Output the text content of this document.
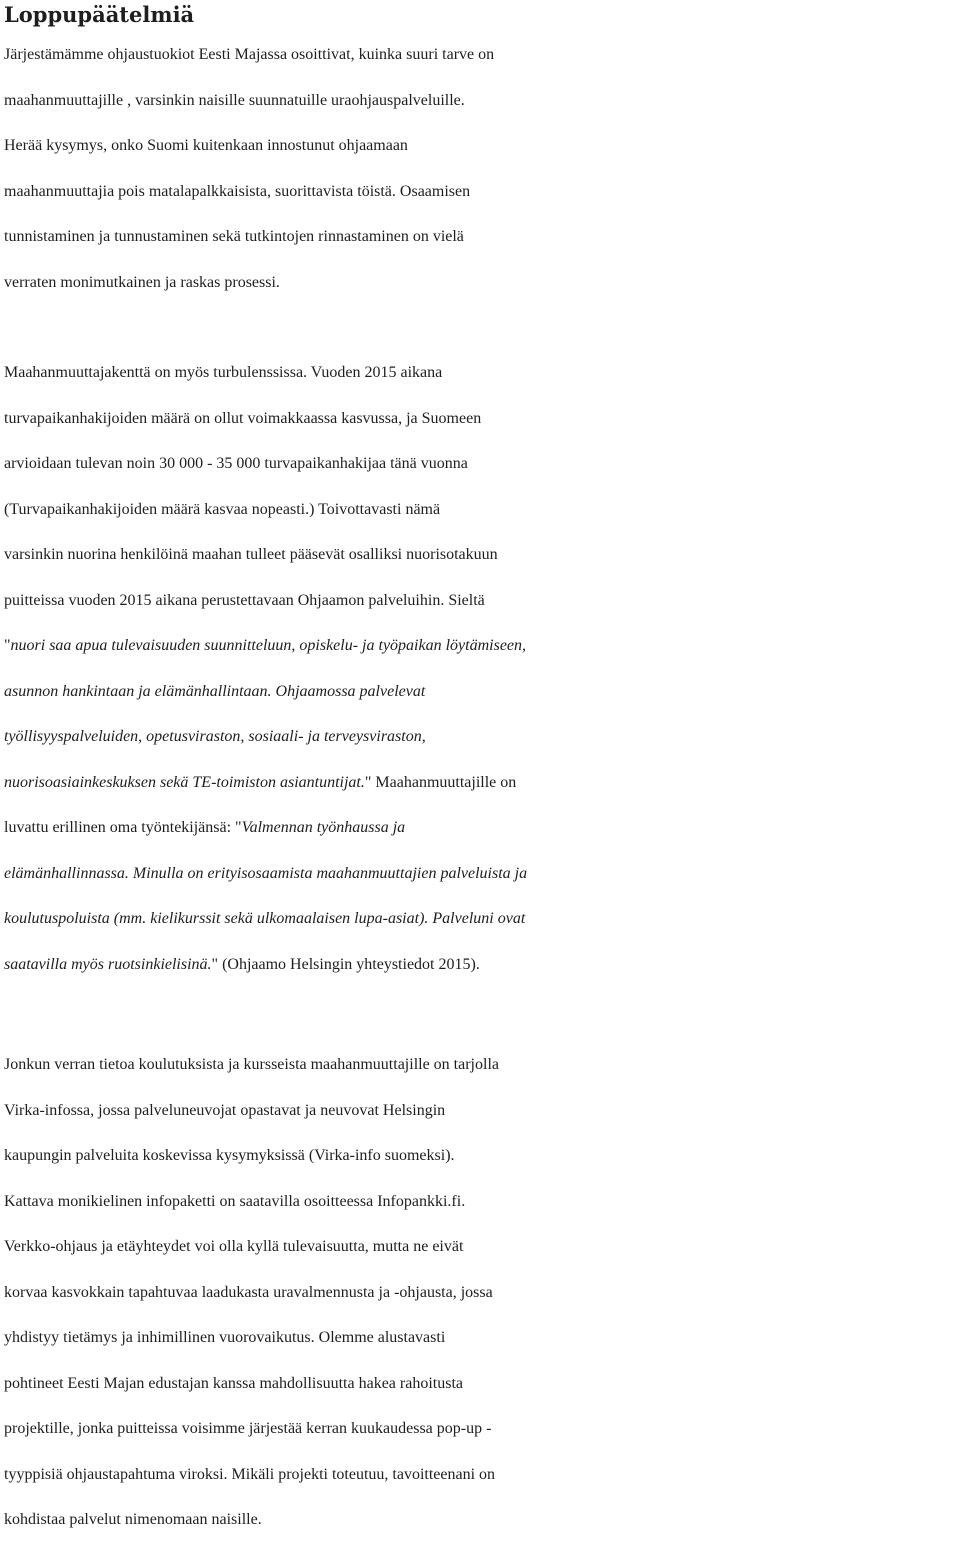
Loppupäätelmiä

Järjestämämme ohjaustuokiot Eesti Majassa osoittivat, kuinka suuri tarve on
maahanmuuttajille , varsinkin naisille suunnatuille uraohjauspalveluille.
Herää kysymys, onko Suomi kuitenkaan innostunut ohjaamaan
maahanmuuttajia pois matalapalkkaisista, suorittavista töistä. Osaamisen
tunnistaminen ja tunnustaminen sekä tutkintojen rinnastaminen on vielä
verraten monimutkainen ja raskas prosessi.

Maahanmuuttajakenttä on myös turbulenssissa. Vuoden 2015 aikana
turvapaikanhakijoiden määrä on ollut voimakkaassa kasvussa, ja Suomeen
arvioidaan tulevan noin 30 000 - 35 000 turvapaikanhakijaa tänä vuonna
(Turvapaikanhakijoiden määrä kasvaa nopeasti.) Toivottavasti nämä
varsinkin nuorina henkilöinä maahan tulleet pääsevät osalliksi nuorisotakuun
puitteissa vuoden 2015 aikana perustettavaan Ohjaamon palveluihin. Sieltä
"nuori saa apua tulevaisuuden suunnitteluun, opiskelu- ja työpaikan löytämiseen,
asunnon hankintaan ja elämänhallintaan. Ohjaamossa palvelevat
työllisyyspalveluiden, opetusviraston, sosiaali- ja terveysviraston,
nuorisoasiainkeskuksen sekä TE-toimiston asiantuntijat." Maahanmuuttajille on
luvattu erillinen oma työntekijänsä: "Valmennan työnhaussa ja
elämänhallinnassa. Minulla on erityisosaamista maahanmuuttajien palveluista ja
koulutuspoluista (mm. kielikurssit sekä ulkomaalaisen lupa-asiat). Palveluni ovat
saatavilla myös ruotsinkielisinä." (Ohjaamo Helsingin yhteystiedot 2015).

Jonkun verran tietoa koulutuksista ja kursseista maahanmuuttajille on tarjolla
Virka-infossa, jossa palveluneuvojat opastavat ja neuvovat Helsingin
kaupungin palveluita koskevissa kysymyksissä (Virka-info suomeksi).
Kattava monikielinen infopaketti on saatavilla osoitteessa Infopankki.fi.
Verkko-ohjaus ja etäyhteydet voi olla kyllä tulevaisuutta, mutta ne eivät
korvaa kasvokkain tapahtuvaa laadukasta uravalmennusta ja -ohjausta, jossa
yhdistyy tietämys ja inhimillinen vuorovaikutus. Olemme alustavasti
pohtineet Eesti Majan edustajan kanssa mahdollisuutta hakea rahoitusta
projektille, jonka puitteissa voisimme järjestää kerran kuukaudessa pop-up -
tyyppisiä ohjaustapahtuma viroksi. Mikäli projekti toteutuu, tavoitteenani on
kohdistaa palvelut nimenomaan naisille.
